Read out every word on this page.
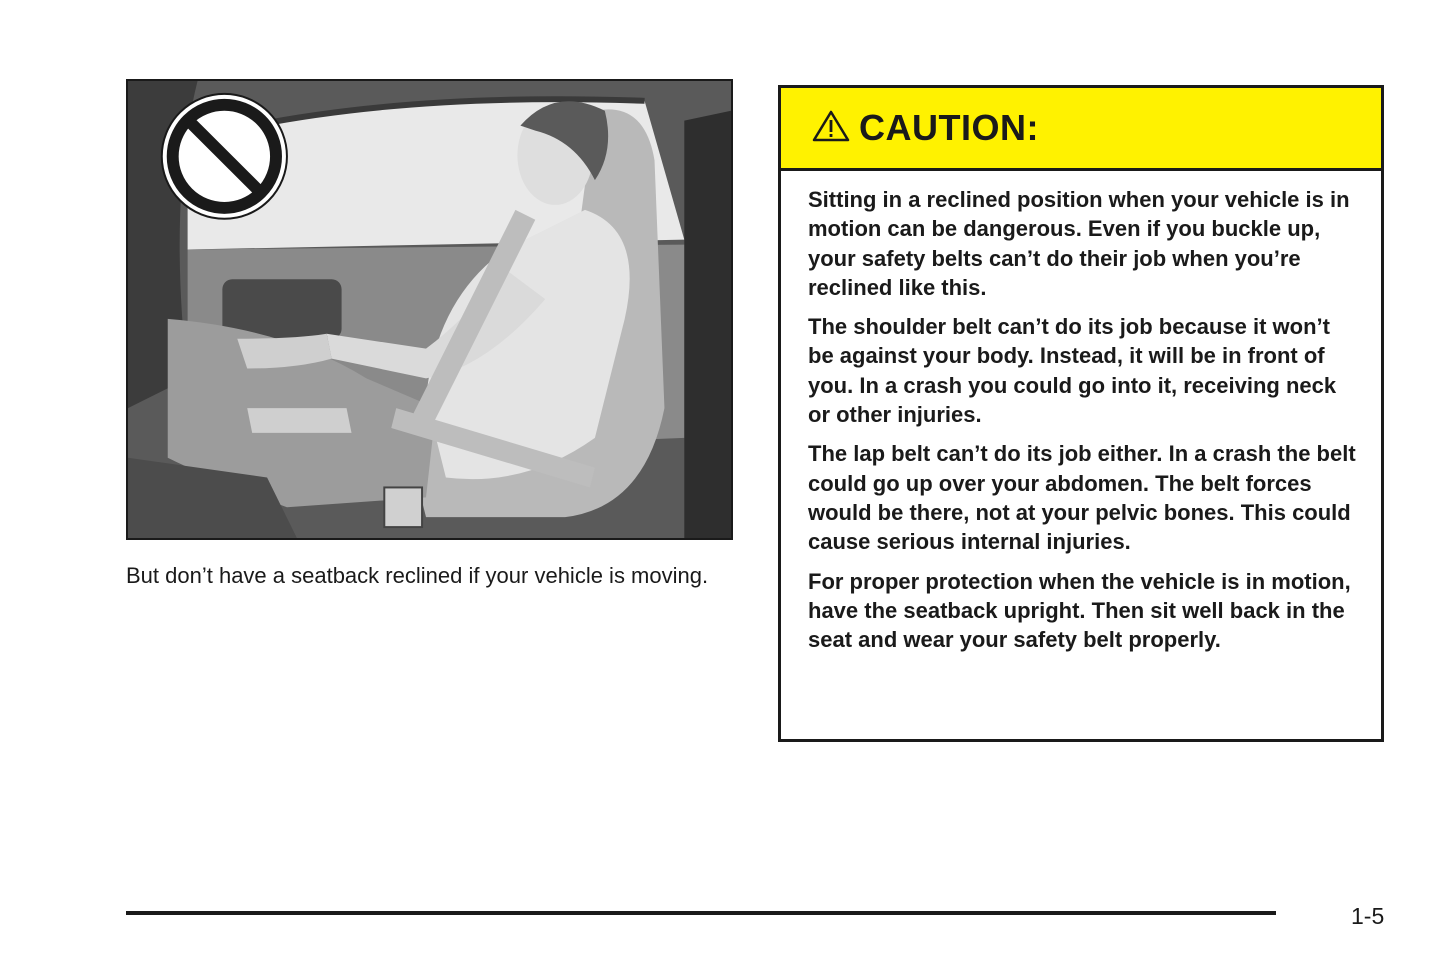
But don’t have a seatback reclined if your vehicle is moving.
CAUTION:

Sitting in a reclined position when your vehicle is in motion can be dangerous. Even if you buckle up, your safety belts can’t do their job when you’re reclined like this.

The shoulder belt can’t do its job because it won’t be against your body. Instead, it will be in front of you. In a crash you could go into it, receiving neck or other injuries.

The lap belt can’t do its job either. In a crash the belt could go up over your abdomen. The belt forces would be there, not at your pelvic bones. This could cause serious internal injuries.

For proper protection when the vehicle is in motion, have the seatback upright. Then sit well back in the seat and wear your safety belt properly.

1-5
